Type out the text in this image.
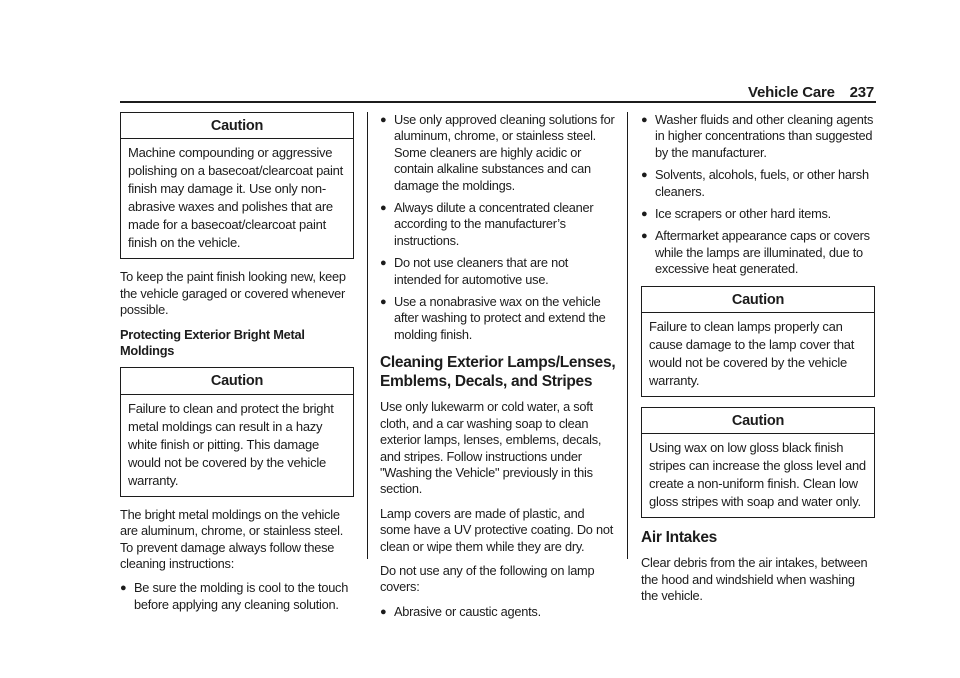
Vehicle Care 237
Caution
Machine compounding or aggressive polishing on a basecoat/clearcoat paint finish may damage it. Use only non-abrasive waxes and polishes that are made for a basecoat/clearcoat paint finish on the vehicle.

To keep the paint finish looking new, keep the vehicle garaged or covered whenever possible.

Protecting Exterior Bright Metal Moldings

Caution
Failure to clean and protect the bright metal moldings can result in a hazy white finish or pitting. This damage would not be covered by the vehicle warranty.

The bright metal moldings on the vehicle are aluminum, chrome, or stainless steel. To prevent damage always follow these cleaning instructions:

● Be sure the molding is cool to the touch before applying any cleaning solution.
● Use only approved cleaning solutions for aluminum, chrome, or stainless steel. Some cleaners are highly acidic or contain alkaline substances and can damage the moldings.
● Always dilute a concentrated cleaner according to the manufacturer’s instructions.
● Do not use cleaners that are not intended for automotive use.
● Use a nonabrasive wax on the vehicle after washing to protect and extend the molding finish.
Cleaning Exterior Lamps/Lenses, Emblems, Decals, and Stripes

Use only lukewarm or cold water, a soft cloth, and a car washing soap to clean exterior lamps, lenses, emblems, decals, and stripes. Follow instructions under "Washing the Vehicle" previously in this section.

Lamp covers are made of plastic, and some have a UV protective coating. Do not clean or wipe them while they are dry.

Do not use any of the following on lamp covers:

● Abrasive or caustic agents.
● Washer fluids and other cleaning agents in higher concentrations than suggested by the manufacturer.
● Solvents, alcohols, fuels, or other harsh cleaners.
● Ice scrapers or other hard items.
● Aftermarket appearance caps or covers while the lamps are illuminated, due to excessive heat generated.
Caution
Failure to clean lamps properly can cause damage to the lamp cover that would not be covered by the vehicle warranty.
Caution
Using wax on low gloss black finish stripes can increase the gloss level and create a non-uniform finish. Clean low gloss stripes with soap and water only.
Air Intakes

Clear debris from the air intakes, between the hood and windshield when washing the vehicle.
